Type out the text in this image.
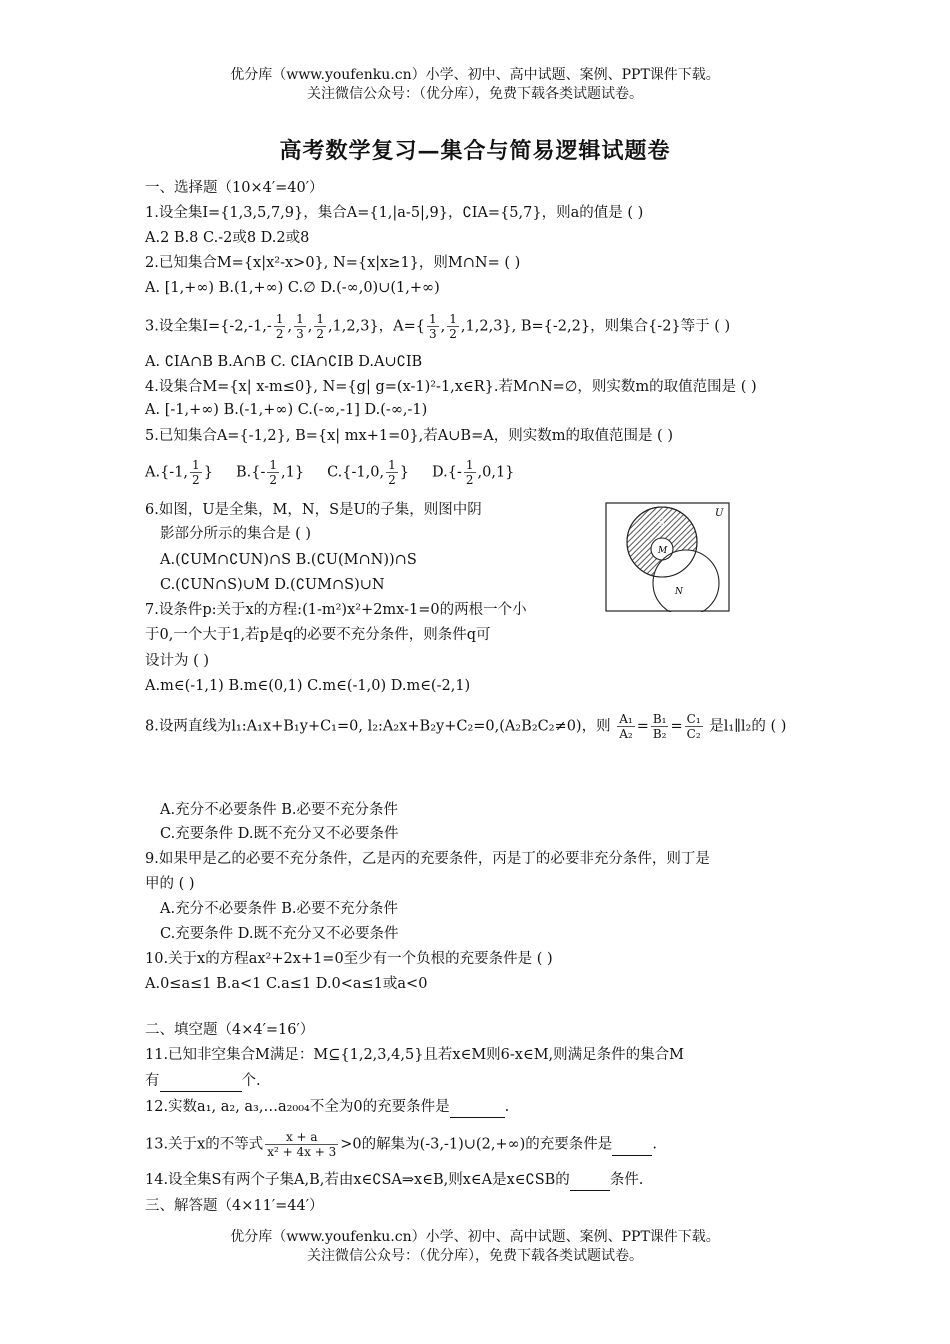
优分库（www.youfenku.cn）小学、初中、高中试题、案例、PPT课件下载。
关注微信公众号：（优分库），免费下载各类试题试卷。
高考数学复习—集合与简易逻辑试题卷
一、选择题（10×4′=40′）
1.设全集I={1,3,5,7,9}，集合A={1,|a-5|,9}，∁IA={5,7}，则a的值是 ( )
A.2 B.8 C.-2或8 D.2或8
2.已知集合M={x|x²-x>0}, N={x|x≥1}，则M∩N= ( )
A. [1,+∞) B.(1,+∞) C.∅ D.(-∞,0)∪(1,+∞)
3.设全集$I=\{-2,-1,- \frac{1}{2}$ , $\frac{1}{3}$ , $\frac{1}{2} ,1,2,3$}，$A=\{ \frac{1}{3}$ , $\frac{1}{2} ,1,2,3$}, B={-2,2}，则集合{-2}等于 ( )
A. ∁IA∩B B.A∩B C. ∁IA∩∁IB D.A∪∁IB
4.设集合M={x| x-m≤0}, N={g| g=(x-1)²-1,x∈R}.若M∩N=∅，则实数m的取值范围是 ( )
A. [-1,+∞) B.(-1,+∞) C.(-∞,-1] D.(-∞,-1)
5.已知集合A={-1,2}, B={x| mx+1=0},若A∪B=A，则实数m的取值范围是 ( )
A.{-1, $\frac{1}{2}$ } $B.\{- \frac{1}{2} ,1\}$ C.{-1,0, $\frac{1}{2}$ } $D.\{- \frac{1}{2} ,0,1\}$
6.如图，U是全集，M，N，S是U的子集，则图中阴
影部分所示的集合是 ( )
A.(∁UM∩∁UN)∩S B.(∁U(M∩N))∩S
C.(∁UN∩S)∪M D.(∁UM∩S)∪N
U
S
M
N
7.设条件p:关于x的方程:(1-m²)x²+2mx-1=0的两根一个小
于0,一个大于1,若p是q的必要不充分条件，则条件q可
设计为 ( )
A.m∈(-1,1) B.m∈(0,1) C.m∈(-1,0) D.m∈(-2,1)
8.设两直线为l₁:A₁x+B₁y+C₁=0, l₂:A₂x+B₂y+C₂=0,(A₂B₂C₂≠0)，则 $\frac{\text{A₁}}{\text{A₂}} = \frac{\text{B₁}}{\text{B₂}} = \frac{\text{C₁}}{\text{C₂}}$ 是l₁∥l₂的 ( )
A.充分不必要条件 B.必要不充分条件
C.充要条件 D.既不充分又不必要条件
9.如果甲是乙的必要不充分条件，乙是丙的充要条件，丙是丁的必要非充分条件，则丁是
甲的 ( )
A.充分不必要条件 B.必要不充分条件
C.充要条件 D.既不充分又不必要条件
10.关于x的方程ax²+2x+1=0至少有一个负根的充要条件是 ( )
A.0≤a≤1 B.a<1 C.a≤1 D.0<a≤1或a<0
二、填空题（4×4′=16′）
11.已知非空集合M满足：M⊆{1,2,3,4,5}且若x∈M则6-x∈M,则满足条件的集合M
有	个.
12.实数a₁, a₂, a₃,…a₂₀₀₄不全为0的充要条件是	.
13.关于x的不等式 $\frac{x + a}{\text{x² + 4x + 3}} >0$的解集为(-3,-1)∪(2,+∞)的充要条件是	.
14.设全集S有两个子集A,B,若由x∈∁SA⇒x∈B,则x∈A是x∈∁SB的	条件.
三、解答题（4×11′=44′）
优分库（www.youfenku.cn）小学、初中、高中试题、案例、PPT课件下载。
关注微信公众号：（优分库），免费下载各类试题试卷。
